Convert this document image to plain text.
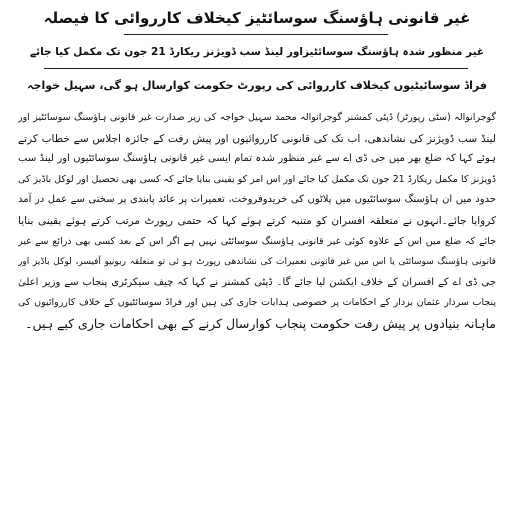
غیر قانونی ہاؤسنگ سوسائٹیز کیخلاف کارروائی کا فیصلہ
غیر منظور شدہ ہاؤسنگ سوسائٹیزاور لینڈ سب ڈویژنز ریکارڈ 21 جون تک مکمل کیا جائے
فراڈ سوسائیٹیوں کیخلاف کارروائی کی رپورٹ حکومت کوارسال ہو گی، سہیل خواجہ
گوجرانوالہ (سٹی رپورٹر) ڈپٹی کمشنر گوجرانوالہ محمد سہیل خواجہ کی زیر صدارت غیر قانونی ہاؤسنگ سوسائٹیز اور
لینڈ سب ڈویژنز کی نشاندھی، اب تک کی قانونی کارروائیوں اور پیش رفت کے جائزہ اجلاس سے خطاب کرتے
ہوئے کہا کہ ضلع بھر میں جی ڈی اے سے غیر منظور شدہ تمام ایسی غیر قانونی ہاؤسنگ سوسائٹیوں اور لینڈ سب
ڈویژنز کا مکمل ریکارڈ 21 جون تک مکمل کیا جائے اور اس امر کو یقینی بنایا جائے کہ کسی بھی تحصیل اور لوکل باڈیز کی
حدود میں ان ہاؤسنگ سوسائٹیوں میں پلاٹوں کی خریدوفروخت، تعمیرات پر عائد پابندی پر سختی سے عمل در آمد
کروایا جائے۔انہوں نے متعلقہ افسران کو متنبہ کرتے ہوئے کہا کہ حتمی رپورٹ مرتب کرتے ہوئے یقینی بنایا
جائے کہ ضلع میں اس کے علاوہ کوئی غیر قانونی ہاؤسنگ سوسائٹی نہیں ہے اگر اس کے بعد کسی بھی ذرائع سے غیر
قانونی ہاؤسنگ سوسائٹی یا اس میں غیر قانونی تعمیرات کی نشاندھی رپورٹ ہو ئی تو متعلقہ ریونیو آفیسر، لوکل باڈیز اور
جی ڈی اے کے افسران کے خلاف ایکشن لیا جائے گا۔ ڈپٹی کمشنر نے کہا کہ چیف سیکرٹری پنجاب سے وزیر اعلیٰ
پنجاب سردار عثمان بزدار کے احکامات پر خصوصی ہدایات جاری کی ہیں اور فراڈ سوسائٹیوں کے خلاف کارروائیوں کی
ماہانہ بنیادوں پر پیش رفت حکومت پنجاب کوارسال کرنے کے بھی احکامات جاری کیے ہیں۔
